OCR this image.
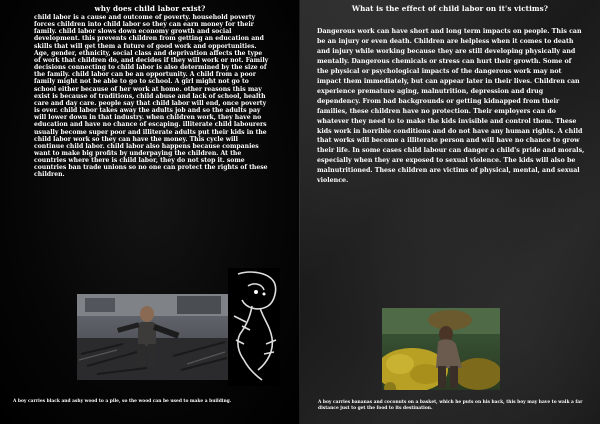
why does child labor exist?
child labor is a cause and outcome of poverty. household poverty forces children into child labor so they can earn money for their family. child labor slows down economy growth and social development. this prevents children from getting an education and skills that will get them a future of good work and opportunities. Age, gender, ethnicity, social class and deprivation affects the type of work that children do, and decides if they will work or not. Family decisions connecting to child labor is also determined by the size of the family. child labor can be an opportunity. A child from a poor family might not be able to go to school. A girl might not go to school either because of her work at home. other reasons this may exist is because of traditions, child abuse and lack of school, health care and day care. people say that child labor will end, once poverty is over. child labor takes away the adults job and so the adults pay will lower down in that industry. when children work, they have no education and have no chance of escaping. illiterate child labourers usually become super poor and illiterate adults put their kids in the child labor work so they can have the money. This cycle will continue child labor. child labor also happens because companies want to make big profits by underpaying the children. At the countries where there is child labor, they do not stop it. some countries ban trade unions so no one can protect the rights of these children.
A boy carries black and ashy wood to a pile, so the wood can be used to make a building.
What is the effect of child labor on it's victims?
Dangerous work can have short and long term impacts on people. This can be an injury or even death. Children are helpless when it comes to death and injury while working because they are still developing physically and mentally. Dangerous chemicals or stress can hurt their growth. Some of the physical or psychological impacts of the dangerous work may not impact them immediately, but can appear later in their lives. Children can experience premature aging, malnutrition, depression and drug dependency. From bad backgrounds or getting kidnapped from their families, these children have no protection. Their employers can do whatever they need to to make the kids invisible and control them. These kids work in horrible conditions and do not have any human rights. A child that works will become a illiterate person and will have no chance to grow their life. In some cases child labour can danger a child's pride and morals, especially when they are exposed to sexual violence. The kids will also be malnutritioned. These children are victims of physical, mental, and sexual violence.
A boy carries bananas and coconuts on a basket, which he puts on his back, this boy may have to walk a far distance just to get the food to its destination.
